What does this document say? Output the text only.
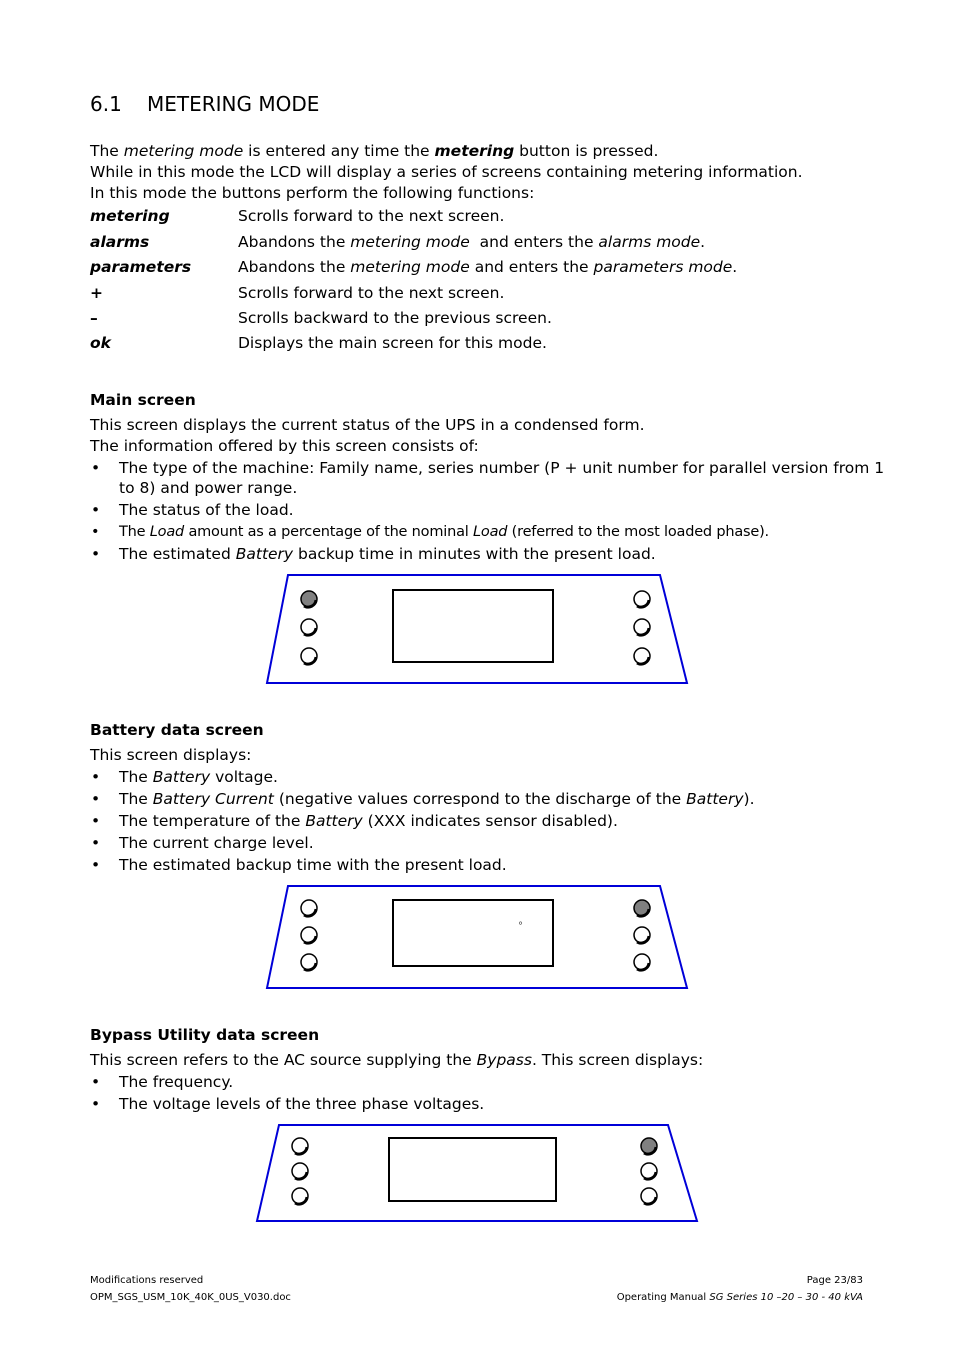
6.1 METERING MODE
The metering mode is entered any time the metering button is pressed.
While in this mode the LCD will display a series of screens containing metering information.
In this mode the buttons perform the following functions:
metering	Scrolls forward to the next screen.
alarms	Abandons the metering mode  and enters the alarms mode.
parameters	Abandons the metering mode and enters the parameters mode.
+	Scrolls forward to the next screen.
–	Scrolls backward to the previous screen.
ok	Displays the main screen for this mode.
Main screen
This screen displays the current status of the UPS in a condensed form.
The information offered by this screen consists of:
• The type of the machine: Family name, series number (P + unit number for parallel version from 1
to 8) and power range.
• The status of the load.
• The Load amount as a percentage of the nominal Load (referred to the most loaded phase).
• The estimated Battery backup time in minutes with the present load.
Battery data screen
This screen displays:
• The Battery voltage.
• The Battery Current (negative values correspond to the discharge of the Battery).
• The temperature of the Battery (XXX indicates sensor disabled).
• The current charge level.
• The estimated backup time with the present load.
°
Bypass Utility data screen
This screen refers to the AC source supplying the Bypass. This screen displays:
• The frequency.
• The voltage levels of the three phase voltages.
Modifications reserved
OPM_SGS_USM_10K_40K_0US_V030.doc
Page 23/83
Operating Manual SG Series 10 –20 – 30 - 40 kVA
